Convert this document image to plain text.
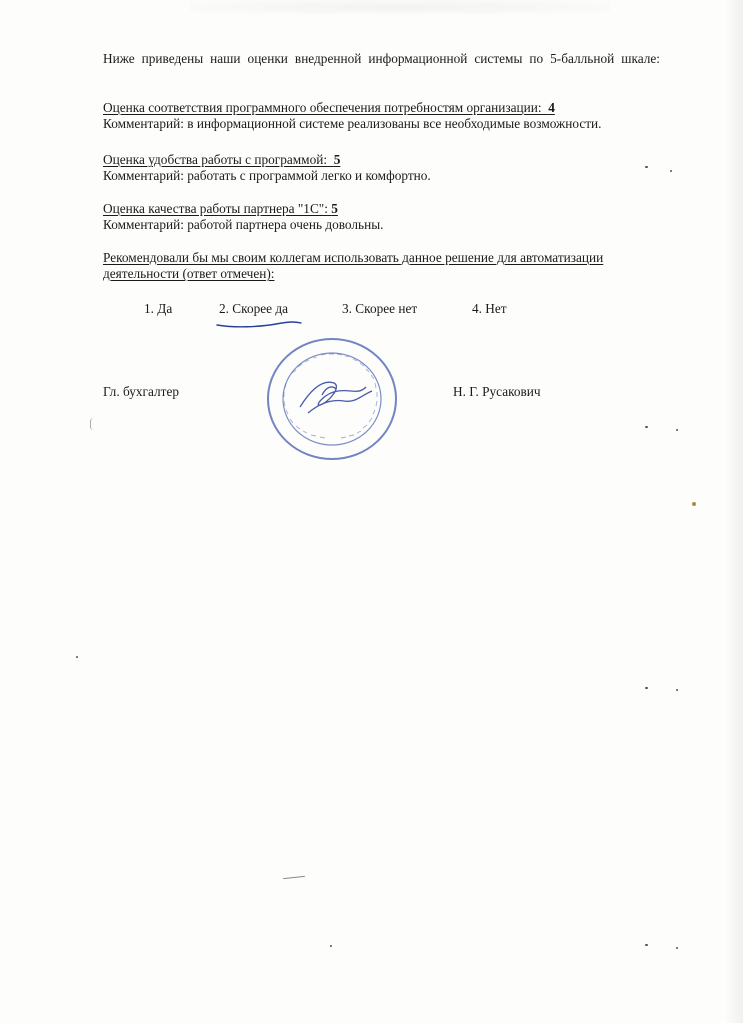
Ниже приведены наши оценки внедренной информационной системы по 5-балльной шкале:
Оценка соответствия программного обеспечения потребностям организации: 4
Комментарий: в информационной системе реализованы все необходимые возможности.
Оценка удобства работы с программой: 5
Комментарий: работать с программой легко и комфортно.
Оценка качества работы партнера "1С": 5
Комментарий: работой партнера очень довольны.
Рекомендовали бы мы своим коллегам использовать данное решение для автоматизации
деятельности (ответ отмечен):
1. Да	2. Скорее да	3. Скорее нет	4. Нет
Гл. бухгалтер	Н. Г. Русакович
